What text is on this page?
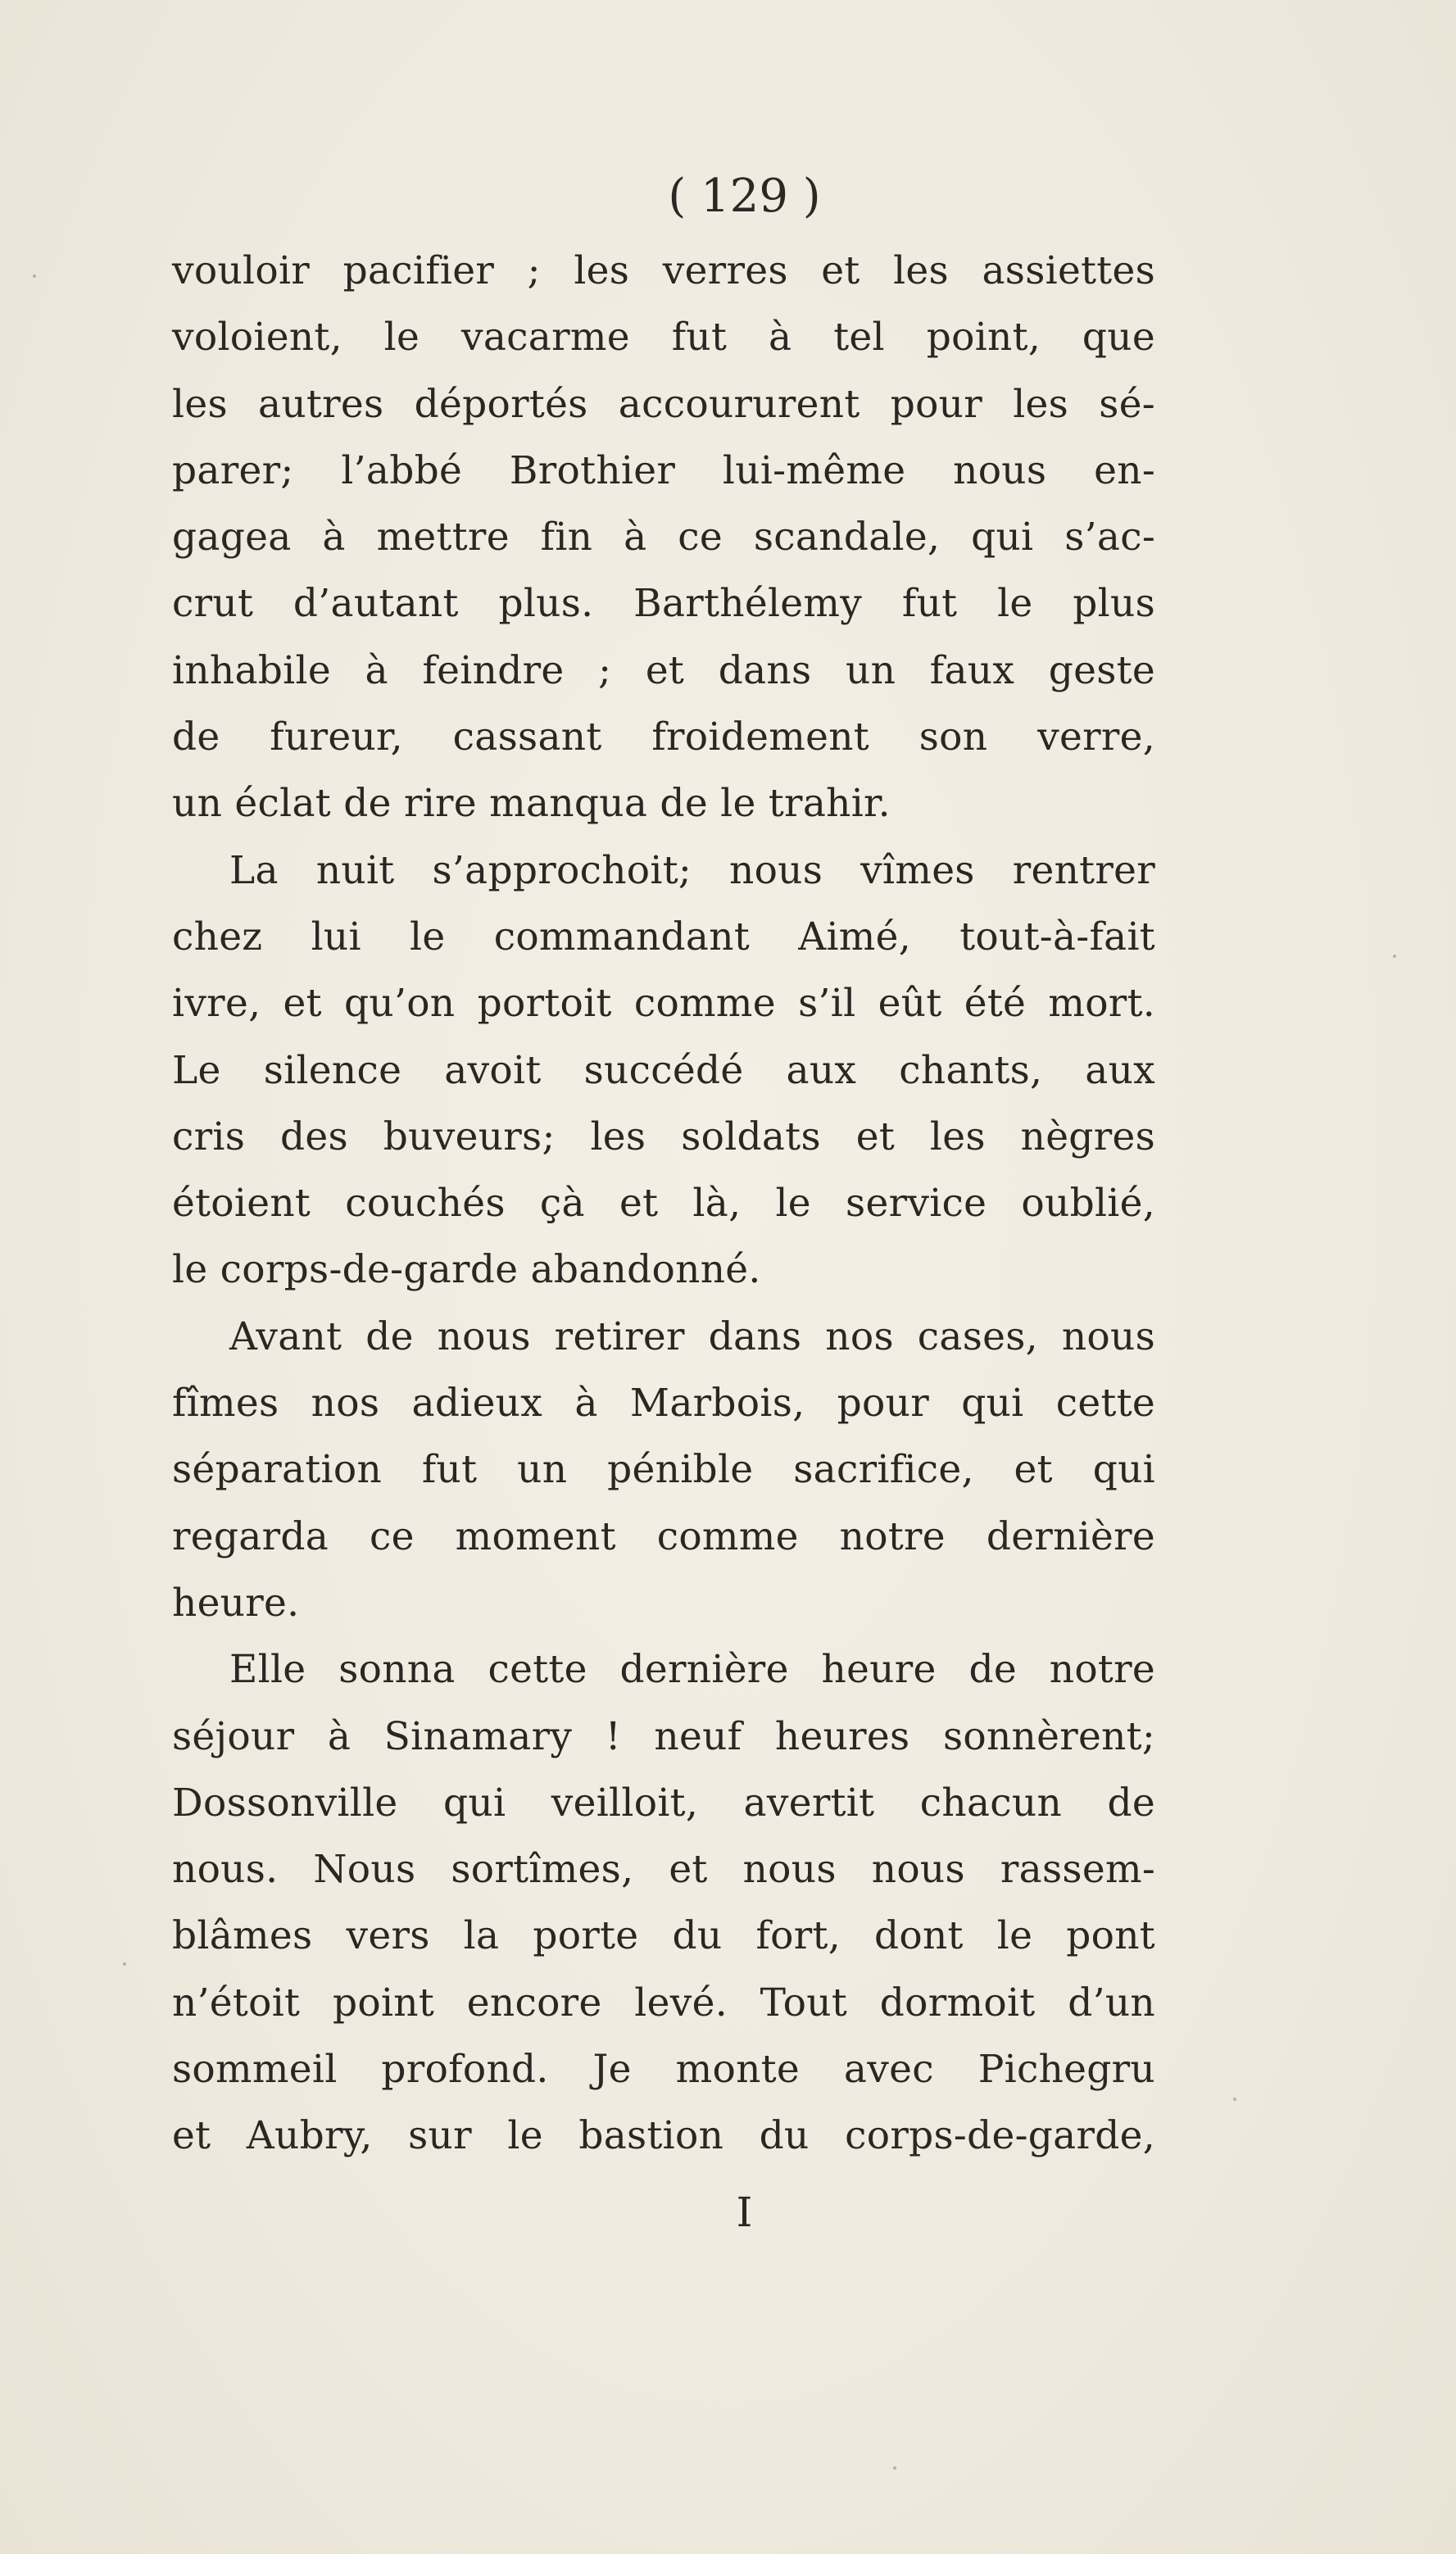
( 129 )
vouloir pacifier ; les verres et les assiettes
voloient, le vacarme fut à tel point, que
les autres déportés accoururent pour les sé-
parer; l’abbé Brothier lui-même nous en-
gagea à mettre fin à ce scandale, qui s’ac-
crut d’autant plus. Barthélemy fut le plus
inhabile à feindre ; et dans un faux geste
de fureur, cassant froidement son verre,
un éclat de rire manqua de le trahir.
La nuit s’approchoit; nous vîmes rentrer
chez lui le commandant Aimé, tout-à-fait
ivre, et qu’on portoit comme s’il eût été mort.
Le silence avoit succédé aux chants, aux
cris des buveurs; les soldats et les nègres
étoient couchés çà et là, le service oublié,
le corps-de-garde abandonné.
Avant de nous retirer dans nos cases, nous
fîmes nos adieux à Marbois, pour qui cette
séparation fut un pénible sacrifice, et qui
regarda ce moment comme notre dernière
heure.
Elle sonna cette dernière heure de notre
séjour à Sinamary ! neuf heures sonnèrent;
Dossonville qui veilloit, avertit chacun de
nous. Nous sortîmes, et nous nous rassem-
blâmes vers la porte du fort, dont le pont
n’étoit point encore levé. Tout dormoit d’un
sommeil profond. Je monte avec Pichegru
et Aubry, sur le bastion du corps-de-garde,
I
